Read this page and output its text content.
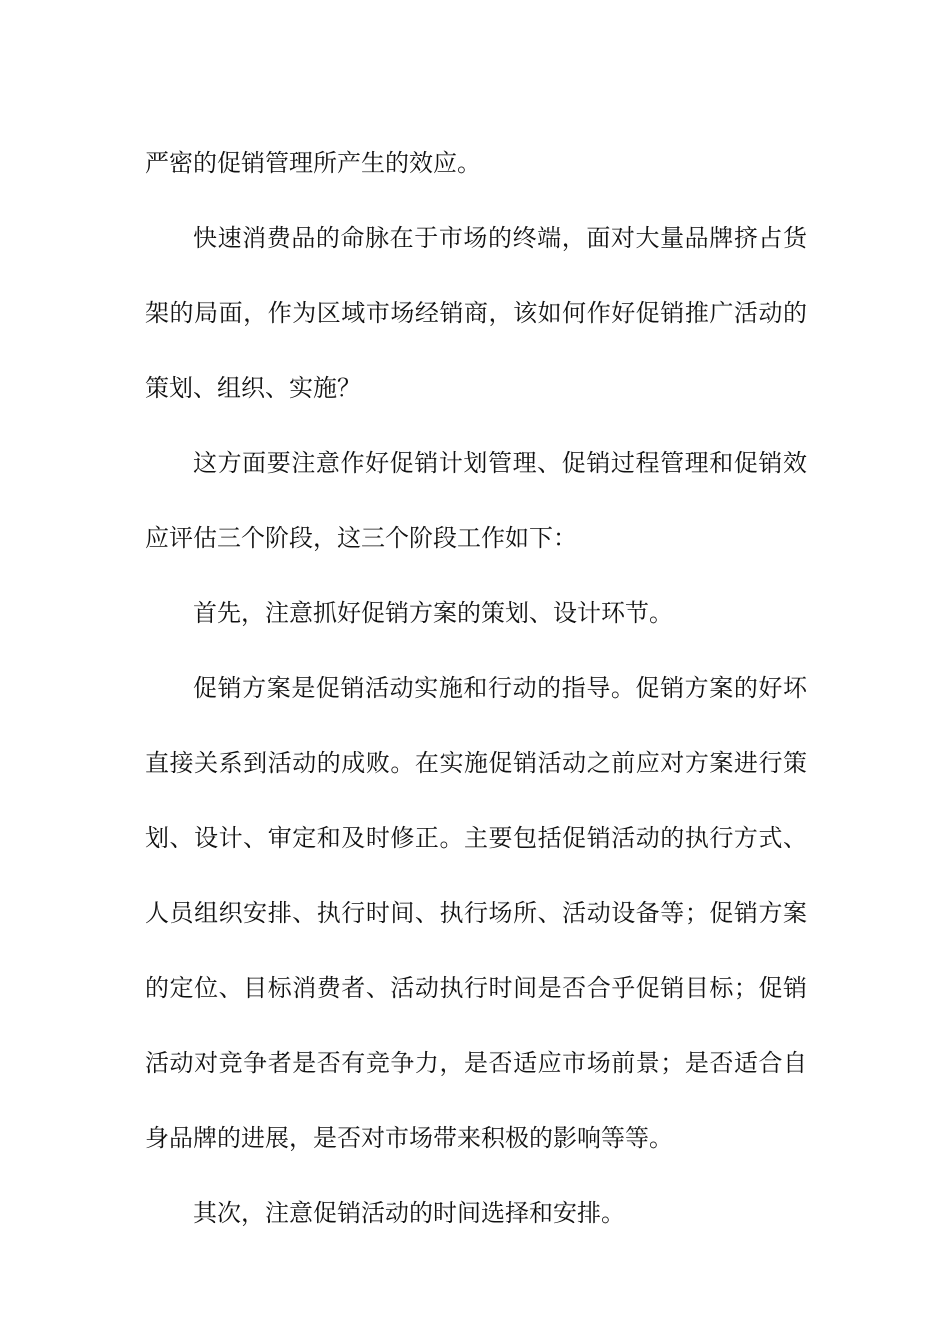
严密的促销管理所产生的效应。
快速消费品的命脉在于市场的终端，面对大量品牌挤占货
架的局面，作为区域市场经销商，该如何作好促销推广活动的
策划、组织、实施？
这方面要注意作好促销计划管理、促销过程管理和促销效
应评估三个阶段，这三个阶段工作如下：
首先，注意抓好促销方案的策划、设计环节。
促销方案是促销活动实施和行动的指导。促销方案的好坏
直接关系到活动的成败。在实施促销活动之前应对方案进行策
划、设计、审定和及时修正。主要包括促销活动的执行方式、
人员组织安排、执行时间、执行场所、活动设备等；促销方案
的定位、目标消费者、活动执行时间是否合乎促销目标；促销
活动对竞争者是否有竞争力，是否适应市场前景；是否适合自
身品牌的进展，是否对市场带来积极的影响等等。
其次，注意促销活动的时间选择和安排。
